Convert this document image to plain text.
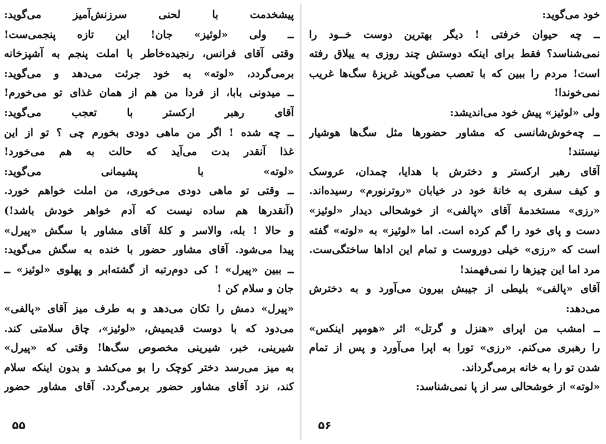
پیشخدمت با لحنی سرزنش‌آمیز می‌گوید:
ــ ولی «لوئیز» جان! این تازه پنجمی‌ست!
وقتی آقای فرانس، رنجیده‌خاطر با املت پنجم به آشپزخانه
برمی‌گردد، «لوته» به خود جرئت می‌دهد و می‌گوید:
ــ میدونی بابا، از فردا من هم از همان غذای تو می‌خورم!
آقای رهبر ارکستر با تعجب می‌گوید:
ــ چه شده ! اگر من ماهی دودی بخورم چی ؟ تو از این
غذا آنقدر بدت می‌آید که حالت به هم می‌خورد!
«لوته» با پشیمانی می‌گوید:
ــ وقتی تو ماهی دودی می‌خوری، من املت خواهم خورد.
(آنقدرها هم ساده نیست که آدم خواهر خودش باشد!)
و حالا ! بله، والاسر و کلهٔ آقای مشاور با سگش «پیرل»
پیدا می‌شود. آقای مشاور حضور با خنده به سگش می‌گوید:
ــ ببین «پیرل» ! کی دوم‌رتبه از گشته‌ابر و پهلوی «لوئیز» ــ
جان و سلام کن !
«پیرل» دمش را تکان می‌دهد و به طرف میز آقای «پالفی»
می‌دود که با دوست قدیمیش، «لوئیز»، چاق سلامتی کند.
شیرینی، خبر، شیرینی مخصوص سگ‌ها! وقتی که «پیرل»
به میز می‌رسد دختر کوچک را بو می‌کشد و بدون اینکه سلام
کند، نزد آقای مشاور حضور برمی‌گردد. آقای مشاور حضور
خود می‌گوید:
ــ چه حیوان خرفتی ! دیگر بهترین دوست خــود را
نمی‌شناسد؟ فقط برای اینکه دوستش چند روزی به ییلاق رفته
است! مردم را ببین که با تعصب می‌گویند غریزهٔ سگ‌ها غریب
نمی‌خوندا!
ولی «لوئیز» پیش خود می‌اندیشد:
ــ چه‌خوش‌شانسی که مشاور حضورها مثل سگ‌ها هوشیار
نیستند!
آقای رهبر ارکستر و دخترش با هدایا، چمدان، عروسک
و کیف سفری به خانهٔ خود در خیابان «روترنورم» رسیده‌اند.
«رزی» مستخدمهٔ آقای «پالفی» از خوشحالی دیدار «لوئیز»
دست و پای خود را گم کرده است. اما «لوئیز» به «لوته» گفته
است که «رزی» خیلی دوروست و تمام این اداها ساختگی‌ست.
مرد اما این چیزها را نمی‌فهمند!
آقای «پالفی» بلیطی از جیبش بیرون می‌آورد و به دخترش
می‌دهد:
ــ امشب من اپرای «هنزل و گرتل» اثر «هومپر اینکس»
را رهبری می‌کنم. «رزی» تورا به اپرا می‌آورد و پس از تمام
شدن تو را به خانه برمی‌گرداند.
«لوته» از خوشحالی سر از پا نمی‌شناسد:
۵۵	۵۶
